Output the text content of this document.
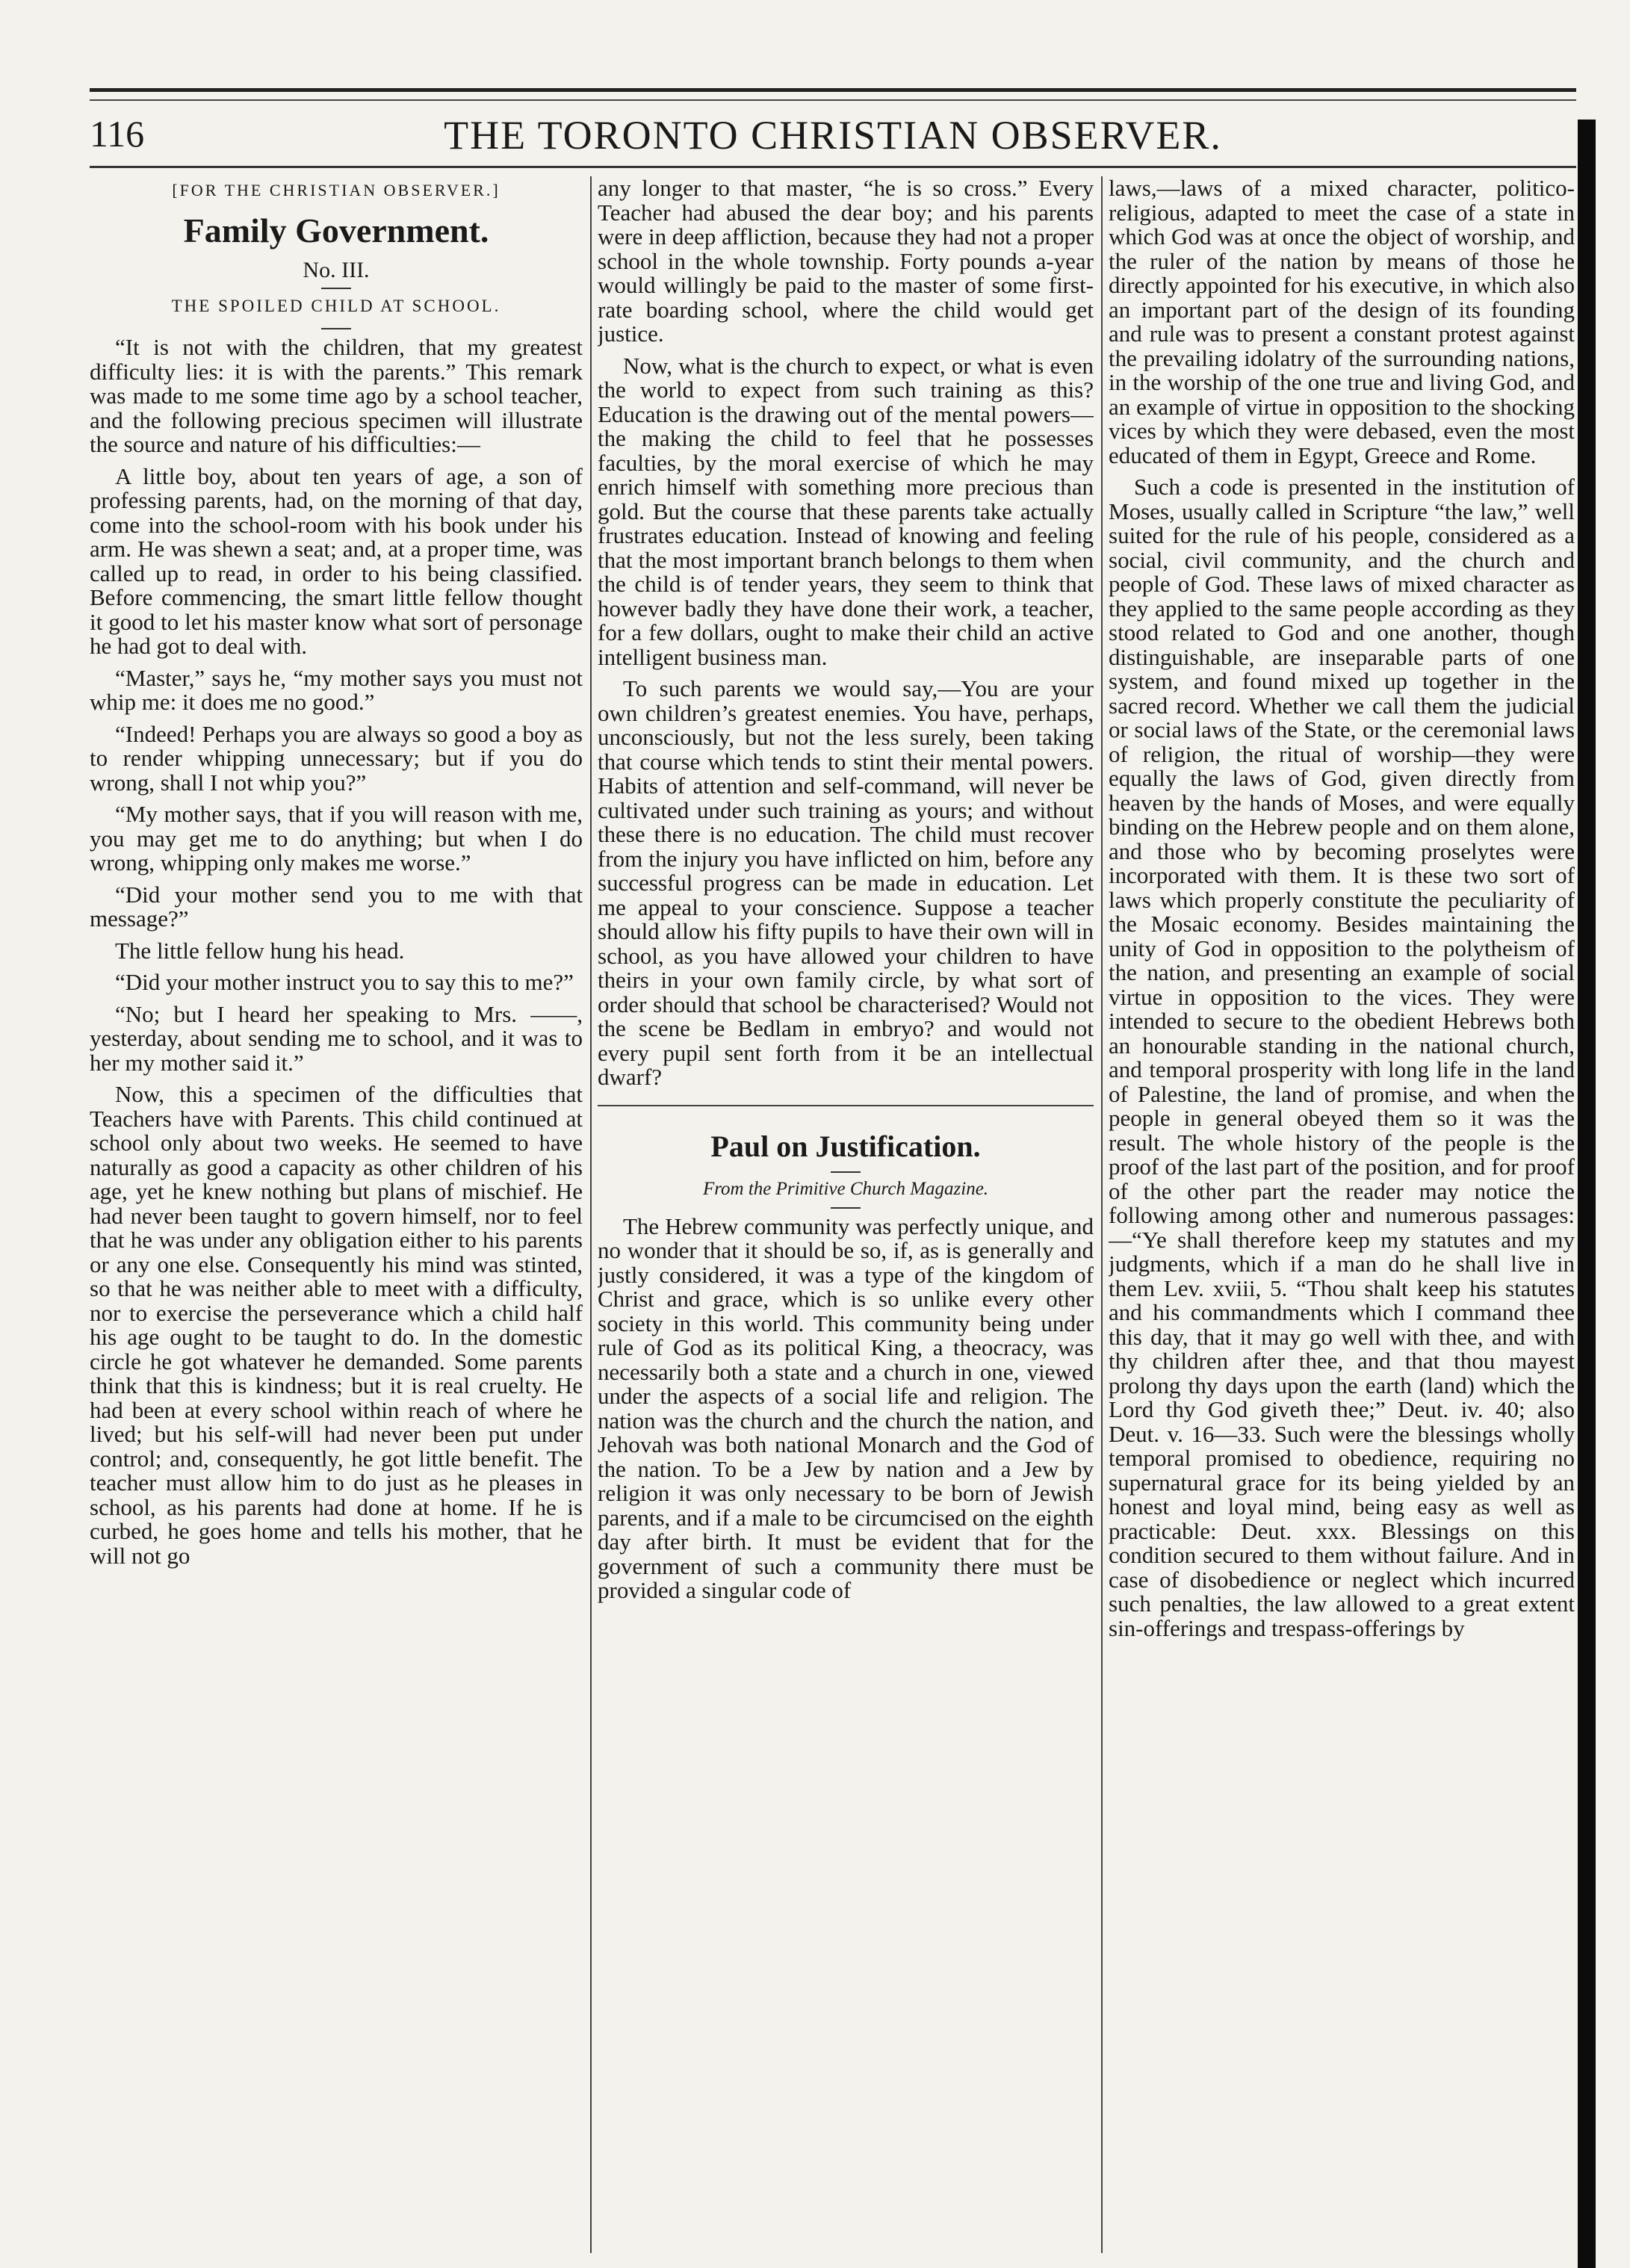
116	THE TORONTO CHRISTIAN OBSERVER.
[FOR THE CHRISTIAN OBSERVER.]
Family Government.
No. III.
THE SPOILED CHILD AT SCHOOL.

“It is not with the children, that my greatest difficulty lies: it is with the parents.” This remark was made to me some time ago by a school teacher, and the following precious specimen will illustrate the source and nature of his difficulties:—

A little boy, about ten years of age, a son of professing parents, had, on the morning of that day, come into the school-room with his book under his arm. He was shewn a seat; and, at a proper time, was called up to read, in order to his being classified. Before commencing, the smart little fellow thought it good to let his master know what sort of personage he had got to deal with.

“Master,” says he, “my mother says you must not whip me: it does me no good.”

“Indeed! Perhaps you are always so good a boy as to render whipping unnecessary; but if you do wrong, shall I not whip you?”

“My mother says, that if you will reason with me, you may get me to do anything; but when I do wrong, whipping only makes me worse.”

“Did your mother send you to me with that message?”

The little fellow hung his head.

“Did your mother instruct you to say this to me?”

“No; but I heard her speaking to Mrs. ——, yesterday, about sending me to school, and it was to her my mother said it.”

Now, this a specimen of the difficulties that Teachers have with Parents. This child continued at school only about two weeks. He seemed to have naturally as good a capacity as other children of his age, yet he knew nothing but plans of mischief. He had never been taught to govern himself, nor to feel that he was under any obligation either to his parents or any one else. Consequently his mind was stinted, so that he was neither able to meet with a difficulty, nor to exercise the perseverance which a child half his age ought to be taught to do. In the domestic circle he got whatever he demanded. Some parents think that this is kindness; but it is real cruelty. He had been at every school within reach of where he lived; but his self-will had never been put under control; and, consequently, he got little benefit. The teacher must allow him to do just as he pleases in school, as his parents had done at home. If he is curbed, he goes home and tells his mother, that he will not go

any longer to that master, “he is so cross.” Every Teacher had abused the dear boy; and his parents were in deep affliction, because they had not a proper school in the whole township. Forty pounds a-year would willingly be paid to the master of some first-rate boarding school, where the child would get justice.

Now, what is the church to expect, or what is even the world to expect from such training as this? Education is the drawing out of the mental powers—the making the child to feel that he possesses faculties, by the moral exercise of which he may enrich himself with something more precious than gold. But the course that these parents take actually frustrates education. Instead of knowing and feeling that the most important branch belongs to them when the child is of tender years, they seem to think that however badly they have done their work, a teacher, for a few dollars, ought to make their child an active intelligent business man.

To such parents we would say,—You are your own children’s greatest enemies. You have, perhaps, unconsciously, but not the less surely, been taking that course which tends to stint their mental powers. Habits of attention and self-command, will never be cultivated under such training as yours; and without these there is no education. The child must recover from the injury you have inflicted on him, before any successful progress can be made in education. Let me appeal to your conscience. Suppose a teacher should allow his fifty pupils to have their own will in school, as you have allowed your children to have theirs in your own family circle, by what sort of order should that school be characterised? Would not the scene be Bedlam in embryo? and would not every pupil sent forth from it be an intellectual dwarf?

Paul on Justification.
From the Primitive Church Magazine.

The Hebrew community was perfectly unique, and no wonder that it should be so, if, as is generally and justly considered, it was a type of the kingdom of Christ and grace, which is so unlike every other society in this world. This community being under rule of God as its political King, a theocracy, was necessarily both a state and a church in one, viewed under the aspects of a social life and religion. The nation was the church and the church the nation, and Jehovah was both national Monarch and the God of the nation. To be a Jew by nation and a Jew by religion it was only necessary to be born of Jewish parents, and if a male to be circumcised on the eighth day after birth. It must be evident that for the government of such a community there must be provided a singular code of

laws,—laws of a mixed character, politico-religious, adapted to meet the case of a state in which God was at once the object of worship, and the ruler of the nation by means of those he directly appointed for his executive, in which also an important part of the design of its founding and rule was to present a constant protest against the prevailing idolatry of the surrounding nations, in the worship of the one true and living God, and an example of virtue in opposition to the shocking vices by which they were debased, even the most educated of them in Egypt, Greece and Rome.

Such a code is presented in the institution of Moses, usually called in Scripture “the law,” well suited for the rule of his people, considered as a social, civil community, and the church and people of God. These laws of mixed character as they applied to the same people according as they stood related to God and one another, though distinguishable, are inseparable parts of one system, and found mixed up together in the sacred record. Whether we call them the judicial or social laws of the State, or the ceremonial laws of religion, the ritual of worship—they were equally the laws of God, given directly from heaven by the hands of Moses, and were equally binding on the Hebrew people and on them alone, and those who by becoming proselytes were incorporated with them. It is these two sort of laws which properly constitute the peculiarity of the Mosaic economy. Besides maintaining the unity of God in opposition to the polytheism of the nation, and presenting an example of social virtue in opposition to the vices. They were intended to secure to the obedient Hebrews both an honourable standing in the national church, and temporal prosperity with long life in the land of Palestine, the land of promise, and when the people in general obeyed them so it was the result. The whole history of the people is the proof of the last part of the position, and for proof of the other part the reader may notice the following among other and numerous passages:—“Ye shall therefore keep my statutes and my judgments, which if a man do he shall live in them Lev. xviii, 5. “Thou shalt keep his statutes and his commandments which I command thee this day, that it may go well with thee, and with thy children after thee, and that thou mayest prolong thy days upon the earth (land) which the Lord thy God giveth thee;” Deut. iv. 40; also Deut. v. 16—33. Such were the blessings wholly temporal promised to obedience, requiring no supernatural grace for its being yielded by an honest and loyal mind, being easy as well as practicable: Deut. xxx. Blessings on this condition secured to them without failure. And in case of disobedience or neglect which incurred such penalties, the law allowed to a great extent sin-offerings and trespass-offerings by
